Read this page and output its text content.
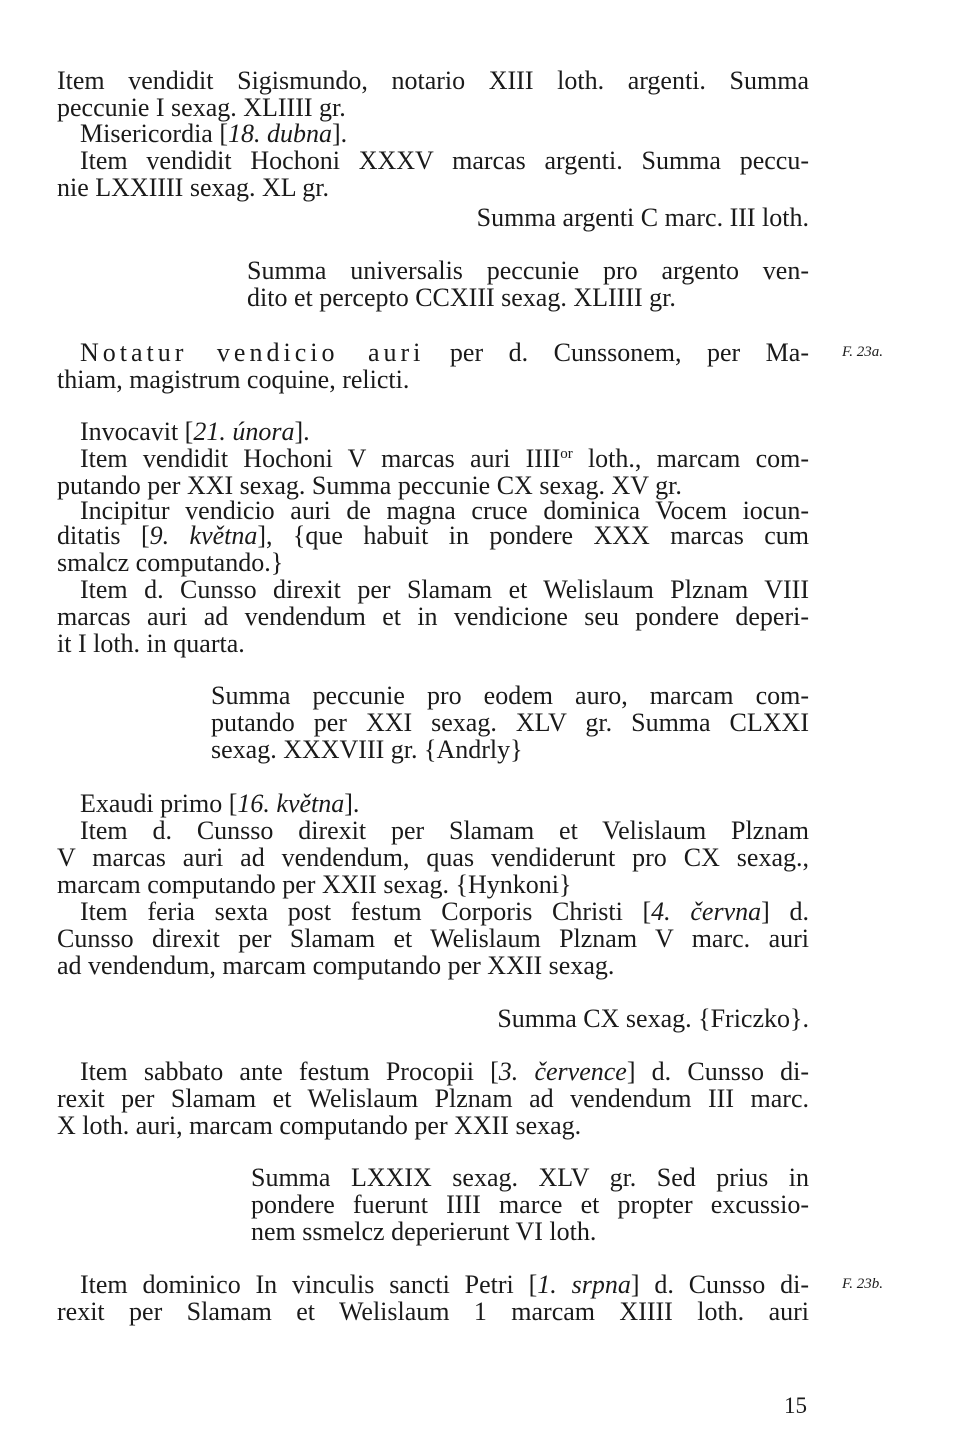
Item vendidit Sigismundo, notario XIII loth. argenti. Summa
peccunie I sexag. XLIIII gr.
Misericordia [18. dubna].
Item vendidit Hochoni XXXV marcas argenti. Summa peccu-
nie LXXIIII sexag. XL gr.
Summa argenti C marc. III loth.
Summa universalis peccunie pro argento ven-
dito et percepto CCXIII sexag. XLIIII gr.
Notatur vendicio auri per d. Cunssonem, per Ma-
thiam, magistrum coquine, relicti.
Invocavit [21. února].
Item vendidit Hochoni V marcas auri $IIII^{or}$ loth., marcam com-
putando per XXI sexag. Summa peccunie CX sexag. XV gr.
Incipitur vendicio auri de magna cruce dominica Vocem iocun-
ditatis [9. května], {que habuit in pondere XXX marcas cum
smalcz computando.}
Item d. Cunsso direxit per Slamam et Welislaum Plznam VIII
marcas auri ad vendendum et in vendicione seu pondere deperi-
it I loth. in quarta.
Summa peccunie pro eodem auro, marcam com-
putando per XXI sexag. XLV gr. Summa CLXXI
sexag. XXXVIII gr. {Andrly}
Exaudi primo [16. května].
Item d. Cunsso direxit per Slamam et Velislaum Plznam
V marcas auri ad vendendum, quas vendiderunt pro CX sexag.,
marcam computando per XXII sexag. {Hynkoni}
Item feria sexta post festum Corporis Christi [4. června] d.
Cunsso direxit per Slamam et Welislaum Plznam V marc. auri
ad vendendum, marcam computando per XXII sexag.
Summa CX sexag. {Friczko}.
Item sabbato ante festum Procopii [3. července] d. Cunsso di-
rexit per Slamam et Welislaum Plznam ad vendendum III marc.
X loth. auri, marcam computando per XXII sexag.
Summa LXXIX sexag. XLV gr. Sed prius in
pondere fuerunt IIII marce et propter excussio-
nem ssmelcz deperierunt VI loth.
Item dominico In vinculis sancti Petri [1. srpna] d. Cunsso di-
rexit per Slamam et Welislaum 1 marcam XIIII loth. auri
F. 23a.
F. 23b.
15
